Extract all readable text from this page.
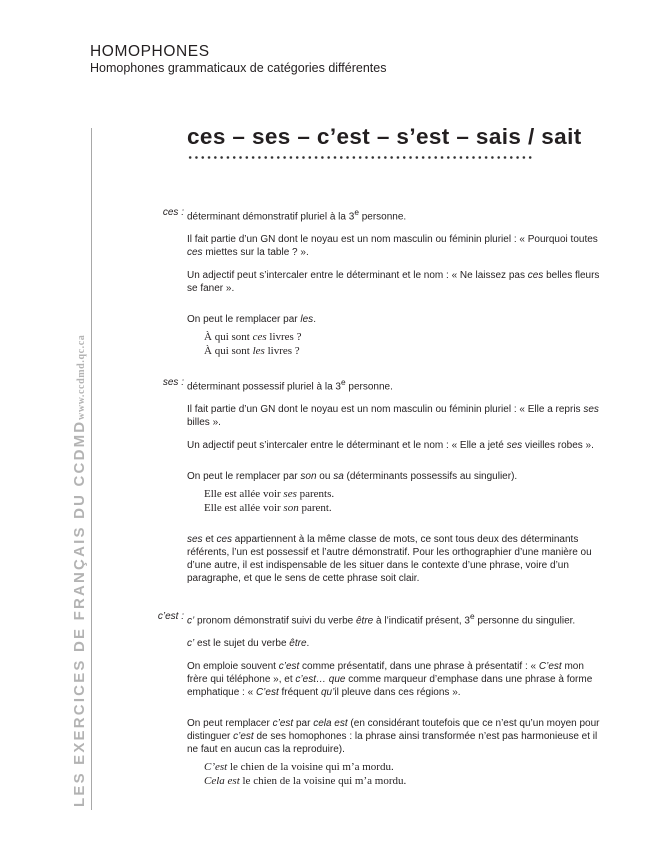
HOMOPHONES
Homophones grammaticaux de catégories différentes
LES EXERCICES DE FRANÇAIS DU CCDMD
www.ccdmd.qc.ca
ces – ses – c’est – s’est – sais / sait
ces : déterminant démonstratif pluriel à la 3e personne.
Il fait partie d’un GN dont le noyau est un nom masculin ou féminin pluriel : « Pourquoi toutes ces miettes sur la table ? ».
Un adjectif peut s’intercaler entre le déterminant et le nom : « Ne laissez pas ces belles fleurs se faner ».
On peut le remplacer par les.
À qui sont ces livres ?
À qui sont les livres ?
ses : déterminant possessif pluriel à la 3e personne.
Il fait partie d’un GN dont le noyau est un nom masculin ou féminin pluriel : « Elle a repris ses billes ».
Un adjectif peut s’intercaler entre le déterminant et le nom : « Elle a jeté ses vieilles robes ».
On peut le remplacer par son ou sa (déterminants possessifs au singulier).
Elle est allée voir ses parents.
Elle est allée voir son parent.
ses et ces appartiennent à la même classe de mots, ce sont tous deux des déterminants référents, l’un est possessif et l’autre démonstratif. Pour les orthographier d’une manière ou d’une autre, il est indispensable de les situer dans le contexte d’une phrase, voire d’un paragraphe, et que le sens de cette phrase soit clair.
c’est : c’ pronom démonstratif suivi du verbe être à l’indicatif présent, 3e personne du singulier.
c’ est le sujet du verbe être.
On emploie souvent c’est comme présentatif, dans une phrase à présentatif : « C’est mon frère qui téléphone », et c’est… que comme marqueur d’emphase dans une phrase à forme emphatique : « C’est fréquent qu’il pleuve dans ces régions ».
On peut remplacer c’est par cela est (en considérant toutefois que ce n’est qu’un moyen pour distinguer c’est de ses homophones : la phrase ainsi transformée n’est pas harmonieuse et il ne faut en aucun cas la reproduire).
C’est le chien de la voisine qui m’a mordu.
Cela est le chien de la voisine qui m’a mordu.
